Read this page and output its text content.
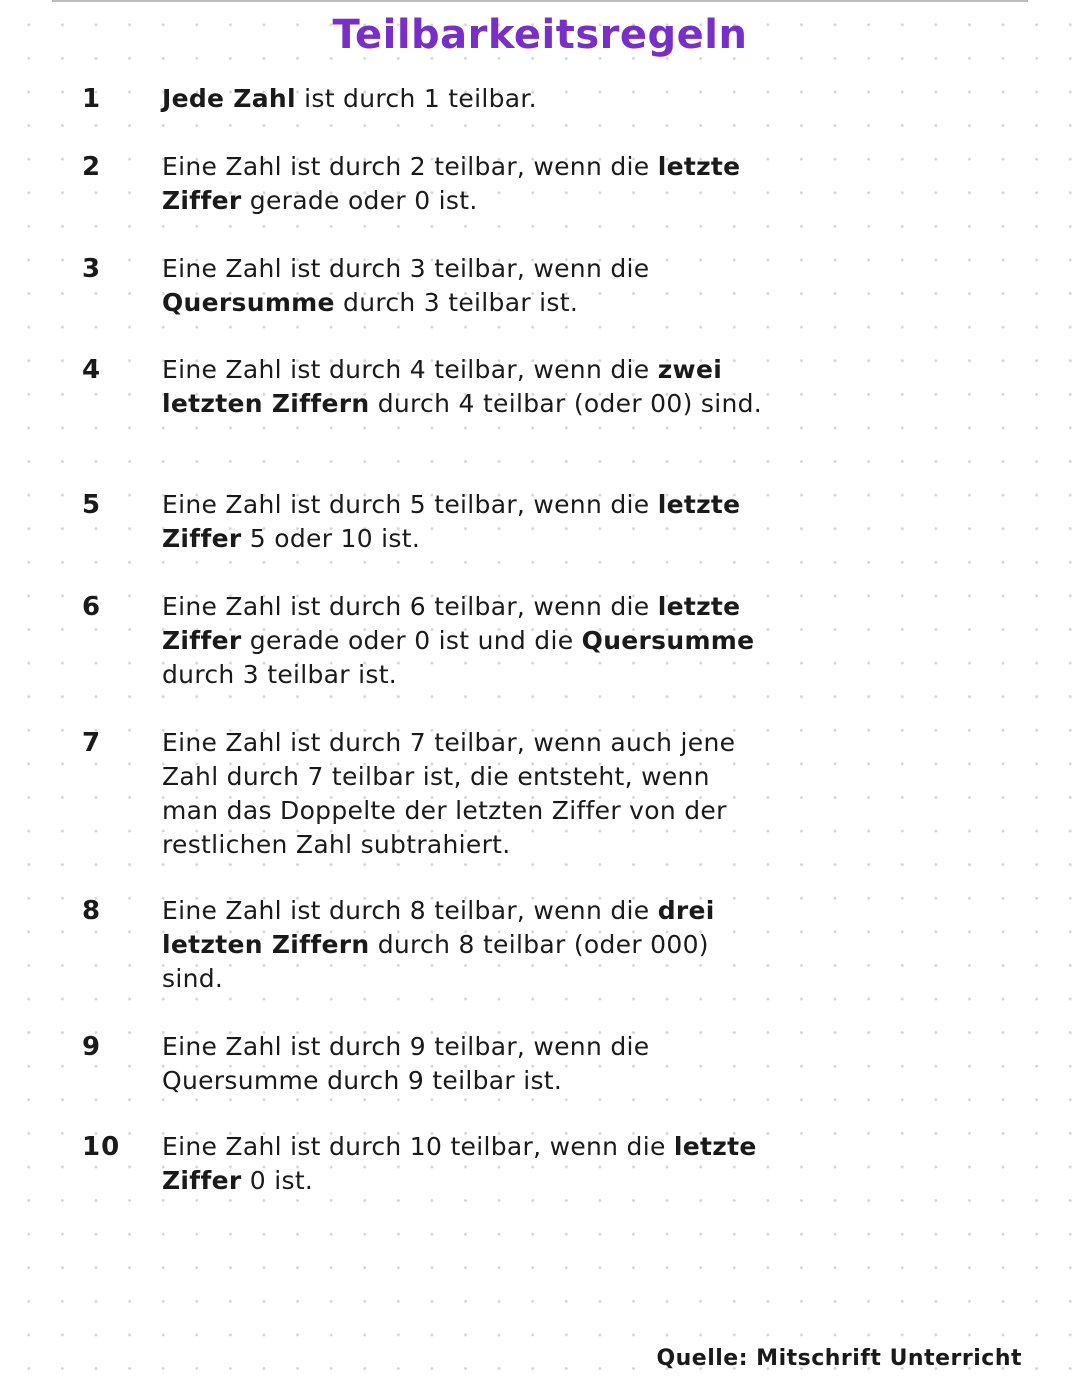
Teilbarkeitsregeln
1 Jede Zahl ist durch 1 teilbar.
2 Eine Zahl ist durch 2 teilbar, wenn die letzte Ziffer gerade oder 0 ist.
3 Eine Zahl ist durch 3 teilbar, wenn die Quersumme durch 3 teilbar ist.
4 Eine Zahl ist durch 4 teilbar, wenn die zwei letzten Ziffern durch 4 teilbar (oder 00) sind.
5 Eine Zahl ist durch 5 teilbar, wenn die letzte Ziffer 5 oder 10 ist.
6 Eine Zahl ist durch 6 teilbar, wenn die letzte Ziffer gerade oder 0 ist und die Quersumme durch 3 teilbar ist.
7 Eine Zahl ist durch 7 teilbar, wenn auch jene Zahl durch 7 teilbar ist, die entsteht, wenn man das Doppelte der letzten Ziffer von der restlichen Zahl subtrahiert.
8 Eine Zahl ist durch 8 teilbar, wenn die drei letzten Ziffern durch 8 teilbar (oder 000) sind.
9 Eine Zahl ist durch 9 teilbar, wenn die Quersumme durch 9 teilbar ist.
10 Eine Zahl ist durch 10 teilbar, wenn die letzte Ziffer 0 ist.
Quelle: Mitschrift Unterricht
